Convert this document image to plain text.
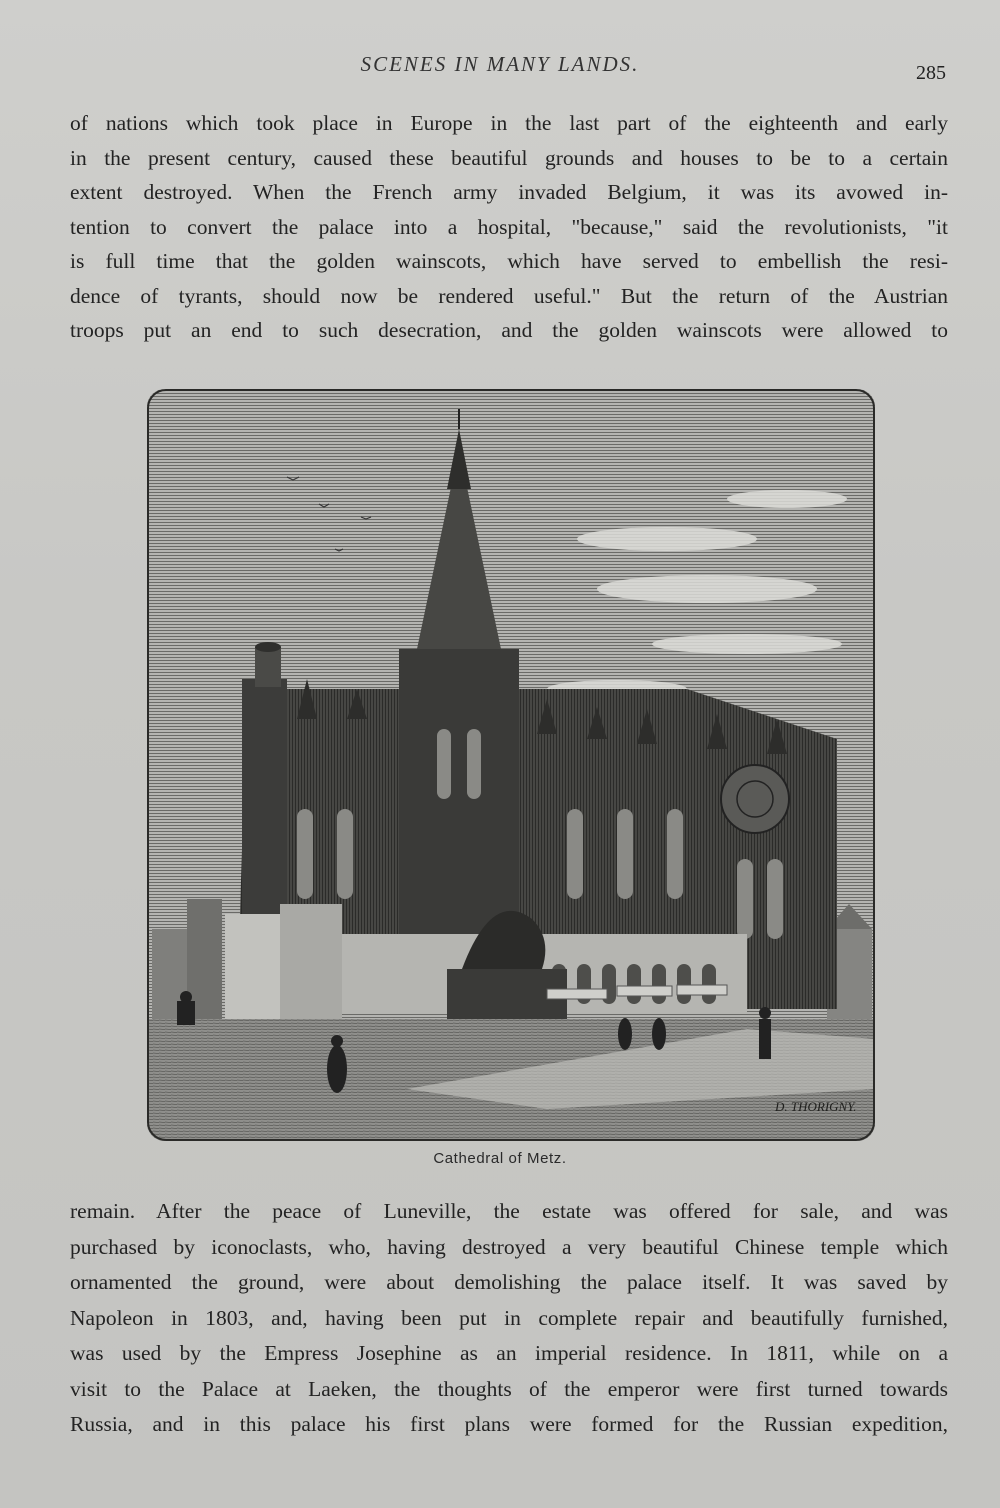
SCENES IN MANY LANDS.	285
of nations which took place in Europe in the last part of the eighteenth and early
in the present century, caused these beautiful grounds and houses to be to a certain
extent destroyed. When the French army invaded Belgium, it was its avowed in-
tention to convert the palace into a hospital, "because," said the revolutionists, "it
is full time that the golden wainscots, which have served to embellish the resi-
dence of tyrants, should now be rendered useful." But the return of the Austrian
troops put an end to such desecration, and the golden wainscots were allowed to
D. THORIGNY.
Cathedral of Metz.
remain. After the peace of Luneville, the estate was offered for sale, and was
purchased by iconoclasts, who, having destroyed a very beautiful Chinese temple which
ornamented the ground, were about demolishing the palace itself. It was saved by
Napoleon in 1803, and, having been put in complete repair and beautifully furnished,
was used by the Empress Josephine as an imperial residence. In 1811, while on a
visit to the Palace at Laeken, the thoughts of the emperor were first turned towards
Russia, and in this palace his first plans were formed for the Russian expedition,
